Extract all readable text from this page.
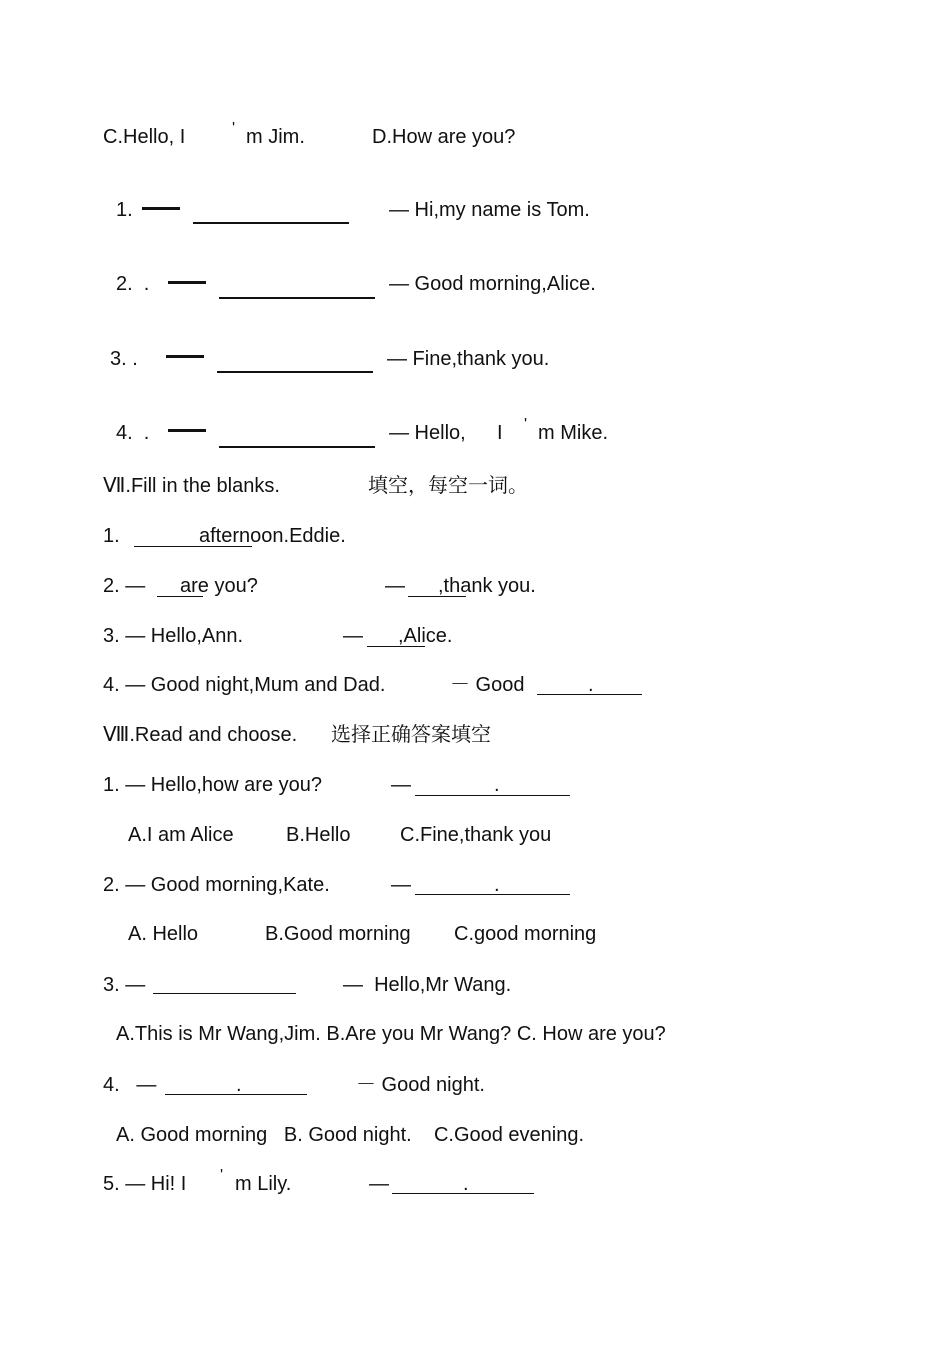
C.Hello, I	' m Jim.	D.How are you?
1.	— Hi,my name is Tom.
2.  .	— Good morning,Alice.
3. .	— Fine,thank you.
4.  .	— Hello, I ' m Mike.
Ⅶ.Fill in the blanks.	填空，每空一词。
1.	afternoon.Eddie.
2. — are you?	— ,thank you.
3. — Hello,Ann.	— ,Alice.
4. — Good night,Mum and Dad.	－ Good	.
Ⅷ.Read and choose. 选择正确答案填空
1. — Hello,how are you?	—	.
A.I am Alice	B.Hello C.Fine,thank you
2. — Good morning,Kate.	—	.
A. Hello	B.Good morning C.good morning
3. —	—  Hello,Mr Wang.
A.This is Mr Wang,Jim. B.Are you Mr Wang? C. How are you?
4.   —	.	－ Good night.
A. Good morning   B. Good night.    C.Good evening.
5. — Hi! I ' m Lily.	—	.
